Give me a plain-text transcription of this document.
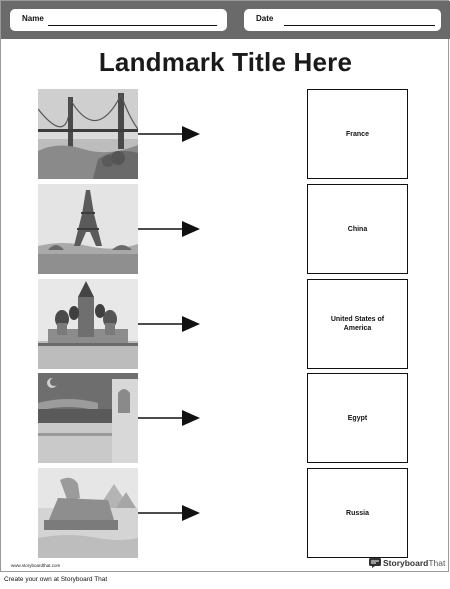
Name	Date
Landmark Title Here
France
China
United States of America
Egypt
Russia
www.storyboardthat.com	StoryboardThat
Create your own at Storyboard That
